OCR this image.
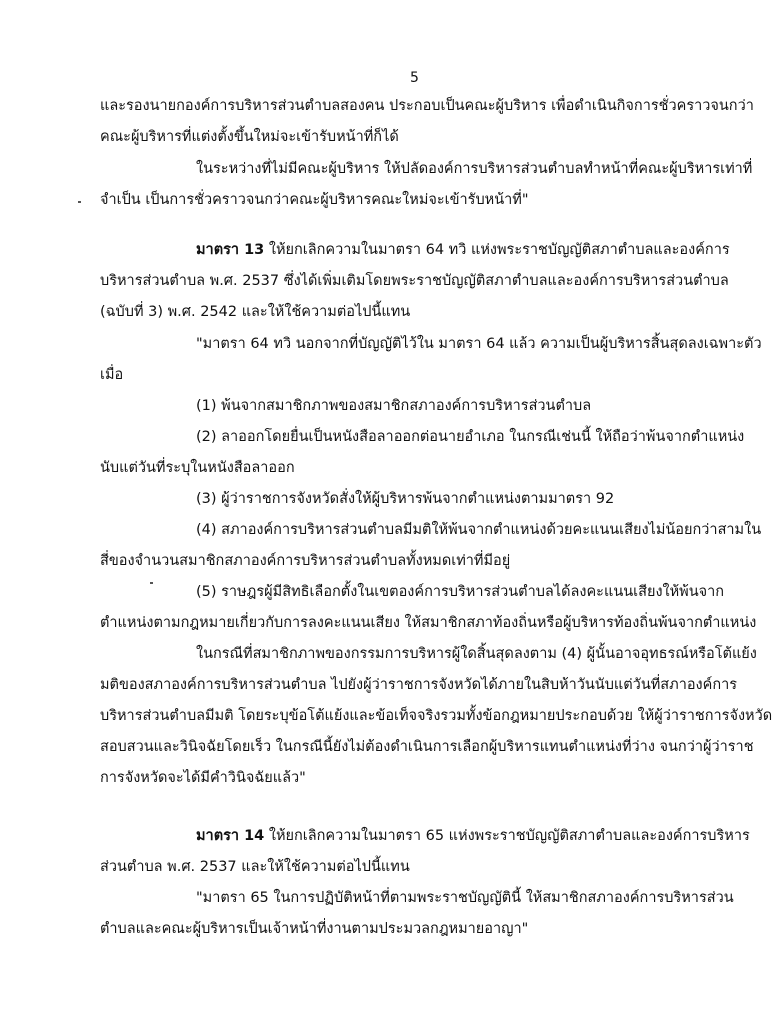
5
และรองนายกองค์การบริหารส่วนตำบลสองคน ประกอบเป็นคณะผู้บริหาร เพื่อดำเนินกิจการชั่วคราวจนกว่า
คณะผู้บริหารที่แต่งตั้งขึ้นใหม่จะเข้ารับหน้าที่ก็ได้
ในระหว่างที่ไม่มีคณะผู้บริหาร ให้ปลัดองค์การบริหารส่วนตำบลทำหน้าที่คณะผู้บริหารเท่าที่
จำเป็น เป็นการชั่วคราวจนกว่าคณะผู้บริหารคณะใหม่จะเข้ารับหน้าที่"
มาตรา 13 ให้ยกเลิกความในมาตรา 64 ทวิ แห่งพระราชบัญญัติสภาตำบลและองค์การ
บริหารส่วนตำบล พ.ศ. 2537 ซึ่งได้เพิ่มเติมโดยพระราชบัญญัติสภาตำบลและองค์การบริหารส่วนตำบล
(ฉบับที่ 3) พ.ศ. 2542 และให้ใช้ความต่อไปนี้แทน
"มาตรา 64 ทวิ นอกจากที่บัญญัติไว้ใน มาตรา 64 แล้ว ความเป็นผู้บริหารสิ้นสุดลงเฉพาะตัว
เมื่อ
(1) พ้นจากสมาชิกภาพของสมาชิกสภาองค์การบริหารส่วนตำบล
(2) ลาออกโดยยื่นเป็นหนังสือลาออกต่อนายอำเภอ ในกรณีเช่นนี้ ให้ถือว่าพ้นจากตำแหน่ง
นับแต่วันที่ระบุในหนังสือลาออก
(3) ผู้ว่าราชการจังหวัดสั่งให้ผู้บริหารพ้นจากตำแหน่งตามมาตรา 92
(4) สภาองค์การบริหารส่วนตำบลมีมติให้พ้นจากตำแหน่งด้วยคะแนนเสียงไม่น้อยกว่าสามใน
สี่ของจำนวนสมาชิกสภาองค์การบริหารส่วนตำบลทั้งหมดเท่าที่มีอยู่
(5) ราษฎรผู้มีสิทธิเลือกตั้งในเขตองค์การบริหารส่วนตำบลได้ลงคะแนนเสียงให้พ้นจาก
ตำแหน่งตามกฎหมายเกี่ยวกับการลงคะแนนเสียง ให้สมาชิกสภาท้องถิ่นหรือผู้บริหารท้องถิ่นพ้นจากตำแหน่ง
ในกรณีที่สมาชิกภาพของกรรมการบริหารผู้ใดสิ้นสุดลงตาม (4) ผู้นั้นอาจอุทธรณ์หรือโต้แย้ง
มติของสภาองค์การบริหารส่วนตำบล ไปยังผู้ว่าราชการจังหวัดได้ภายในสิบห้าวันนับแต่วันที่สภาองค์การ
บริหารส่วนตำบลมีมติ โดยระบุข้อโต้แย้งและข้อเท็จจริงรวมทั้งข้อกฎหมายประกอบด้วย ให้ผู้ว่าราชการจังหวัด
สอบสวนและวินิจฉัยโดยเร็ว ในกรณีนี้ยังไม่ต้องดำเนินการเลือกผู้บริหารแทนตำแหน่งที่ว่าง จนกว่าผู้ว่าราช
การจังหวัดจะได้มีคำวินิจฉัยแล้ว"
มาตรา 14 ให้ยกเลิกความในมาตรา 65 แห่งพระราชบัญญัติสภาตำบลและองค์การบริหาร
ส่วนตำบล พ.ศ. 2537 และให้ใช้ความต่อไปนี้แทน
"มาตรา 65 ในการปฏิบัติหน้าที่ตามพระราชบัญญัตินี้ ให้สมาชิกสภาองค์การบริหารส่วน
ตำบลและคณะผู้บริหารเป็นเจ้าหน้าที่งานตามประมวลกฎหมายอาญา"
